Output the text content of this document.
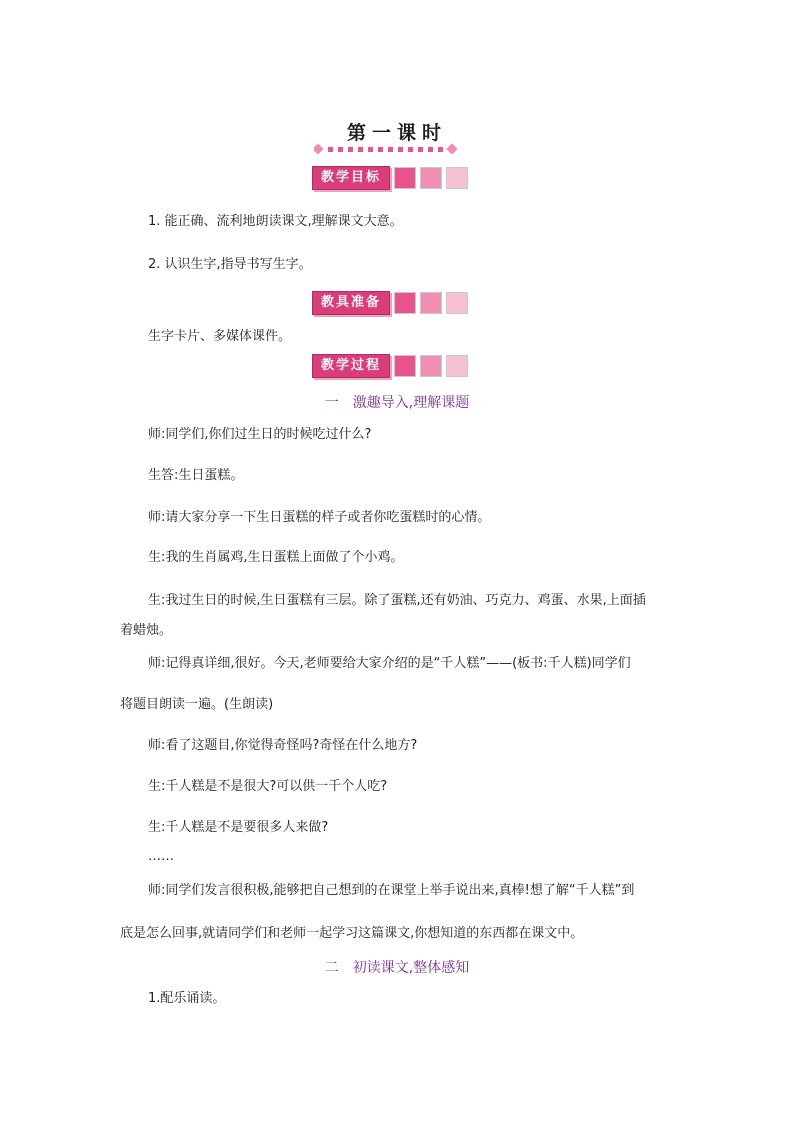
第一课时
教学目标
1. 能正确、流利地朗读课文,理解课文大意。
2. 认识生字,指导书写生字。
教具准备
生字卡片、多媒体课件。
教学过程
一　激趣导入,理解课题
师:同学们,你们过生日的时候吃过什么?
生答:生日蛋糕。
师:请大家分享一下生日蛋糕的样子或者你吃蛋糕时的心情。
生:我的生肖属鸡,生日蛋糕上面做了个小鸡。
生:我过生日的时候,生日蛋糕有三层。除了蛋糕,还有奶油、巧克力、鸡蛋、水果,上面插
着蜡烛。
师:记得真详细,很好。今天,老师要给大家介绍的是“千人糕”——(板书:千人糕)同学们
将题目朗读一遍。(生朗读)
师:看了这题目,你觉得奇怪吗?奇怪在什么地方?
生:千人糕是不是很大?可以供一千个人吃?
生:千人糕是不是要很多人来做?
……
师:同学们发言很积极,能够把自己想到的在课堂上举手说出来,真棒!想了解“千人糕”到
底是怎么回事,就请同学们和老师一起学习这篇课文,你想知道的东西都在课文中。
二　初读课文,整体感知
1.配乐诵读。
